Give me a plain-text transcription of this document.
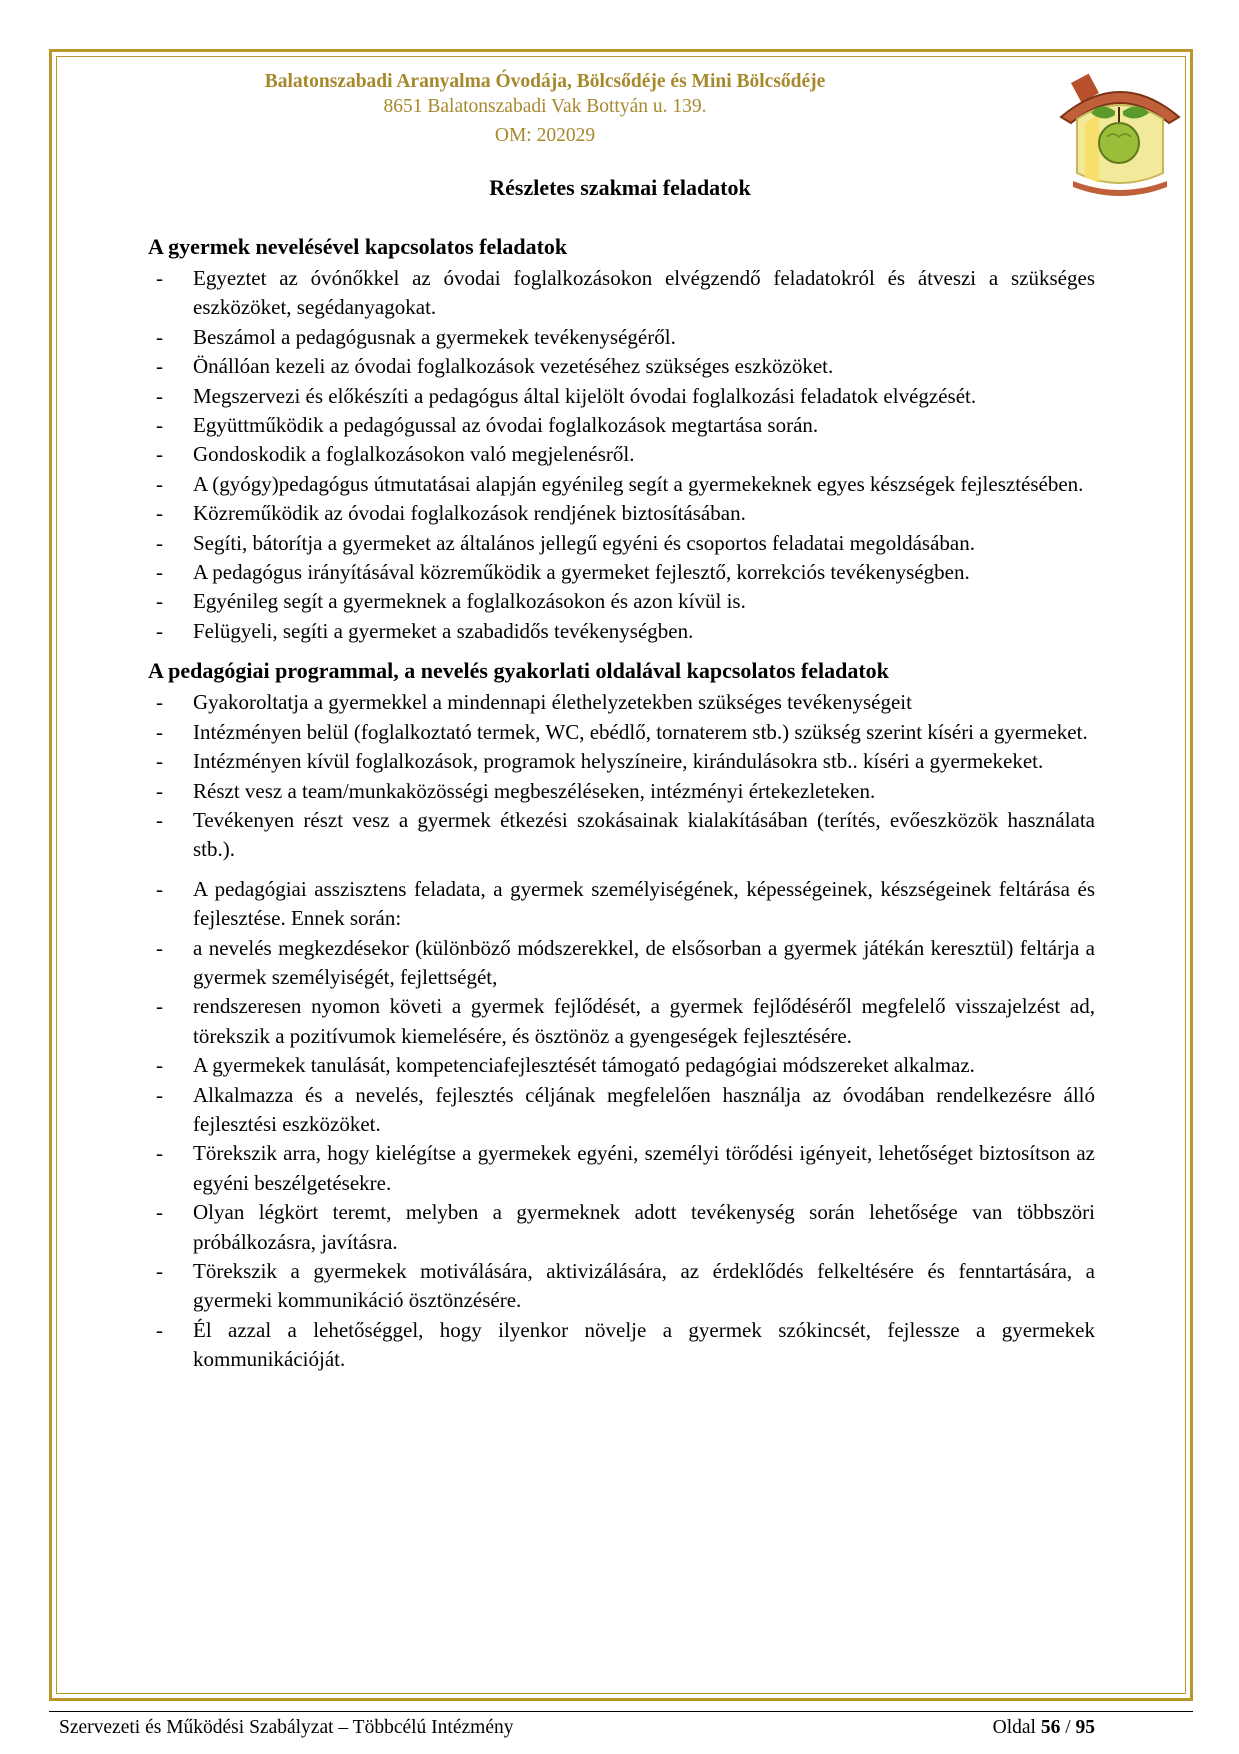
Balatonszabadi Aranyalma Óvodája, Bölcsődéje és Mini Bölcsődéje
8651 Balatonszabadi Vak Bottyán u. 139.
OM: 202029
Részletes szakmai feladatok
A gyermek nevelésével kapcsolatos feladatok
- Egyeztet az óvónőkkel az óvodai foglalkozásokon elvégzendő feladatokról és átveszi a szükséges eszközöket, segédanyagokat.
- Beszámol a pedagógusnak a gyermekek tevékenységéről.
- Önállóan kezeli az óvodai foglalkozások vezetéséhez szükséges eszközöket.
- Megszervezi és előkészíti a pedagógus által kijelölt óvodai foglalkozási feladatok elvégzését.
- Együttműködik a pedagógussal az óvodai foglalkozások megtartása során.
- Gondoskodik a foglalkozásokon való megjelenésről.
- A (gyógy)pedagógus útmutatásai alapján egyénileg segít a gyermekeknek egyes készségek fejlesztésében.
- Közreműködik az óvodai foglalkozások rendjének biztosításában.
- Segíti, bátorítja a gyermeket az általános jellegű egyéni és csoportos feladatai megoldásában.
- A pedagógus irányításával közreműködik a gyermeket fejlesztő, korrekciós tevékenységben.
- Egyénileg segít a gyermeknek a foglalkozásokon és azon kívül is.
- Felügyeli, segíti a gyermeket a szabadidős tevékenységben.
A pedagógiai programmal, a nevelés gyakorlati oldalával kapcsolatos feladatok
- Gyakoroltatja a gyermekkel a mindennapi élethelyzetekben szükséges tevékenységeit
- Intézményen belül (foglalkoztató termek, WC, ebédlő, tornaterem stb.) szükség szerint kíséri a gyermeket.
- Intézményen kívül foglalkozások, programok helyszíneire, kirándulásokra stb.. kíséri a gyermekeket.
- Részt vesz a team/munkaközösségi megbeszéléseken, intézményi értekezleteken.
- Tevékenyen részt vesz a gyermek étkezési szokásainak kialakításában (terítés, evőeszközök használata stb.).
- A pedagógiai asszisztens feladata, a gyermek személyiségének, képességeinek, készségeinek feltárása és fejlesztése. Ennek során:
- a nevelés megkezdésekor (különböző módszerekkel, de elsősorban a gyermek játékán keresztül) feltárja a gyermek személyiségét, fejlettségét,
- rendszeresen nyomon követi a gyermek fejlődését, a gyermek fejlődéséről megfelelő visszajelzést ad, törekszik a pozitívumok kiemelésére, és ösztönöz a gyengeségek fejlesztésére.
- A gyermekek tanulását, kompetenciafejlesztését támogató pedagógiai módszereket alkalmaz.
- Alkalmazza és a nevelés, fejlesztés céljának megfelelően használja az óvodában rendelkezésre álló fejlesztési eszközöket.
- Törekszik arra, hogy kielégítse a gyermekek egyéni, személyi törődési igényeit, lehetőséget biztosítson az egyéni beszélgetésekre.
- Olyan légkört teremt, melyben a gyermeknek adott tevékenység során lehetősége van többszöri próbálkozásra, javításra.
- Törekszik a gyermekek motiválására, aktivizálására, az érdeklődés felkeltésére és fenntartására, a gyermeki kommunikáció ösztönzésére.
- Él azzal a lehetőséggel, hogy ilyenkor növelje a gyermek szókincsét, fejlessze a gyermekek kommunikációját.
Szervezeti és Működési Szabályzat – Többcélú Intézmény	Oldal 56 / 95
